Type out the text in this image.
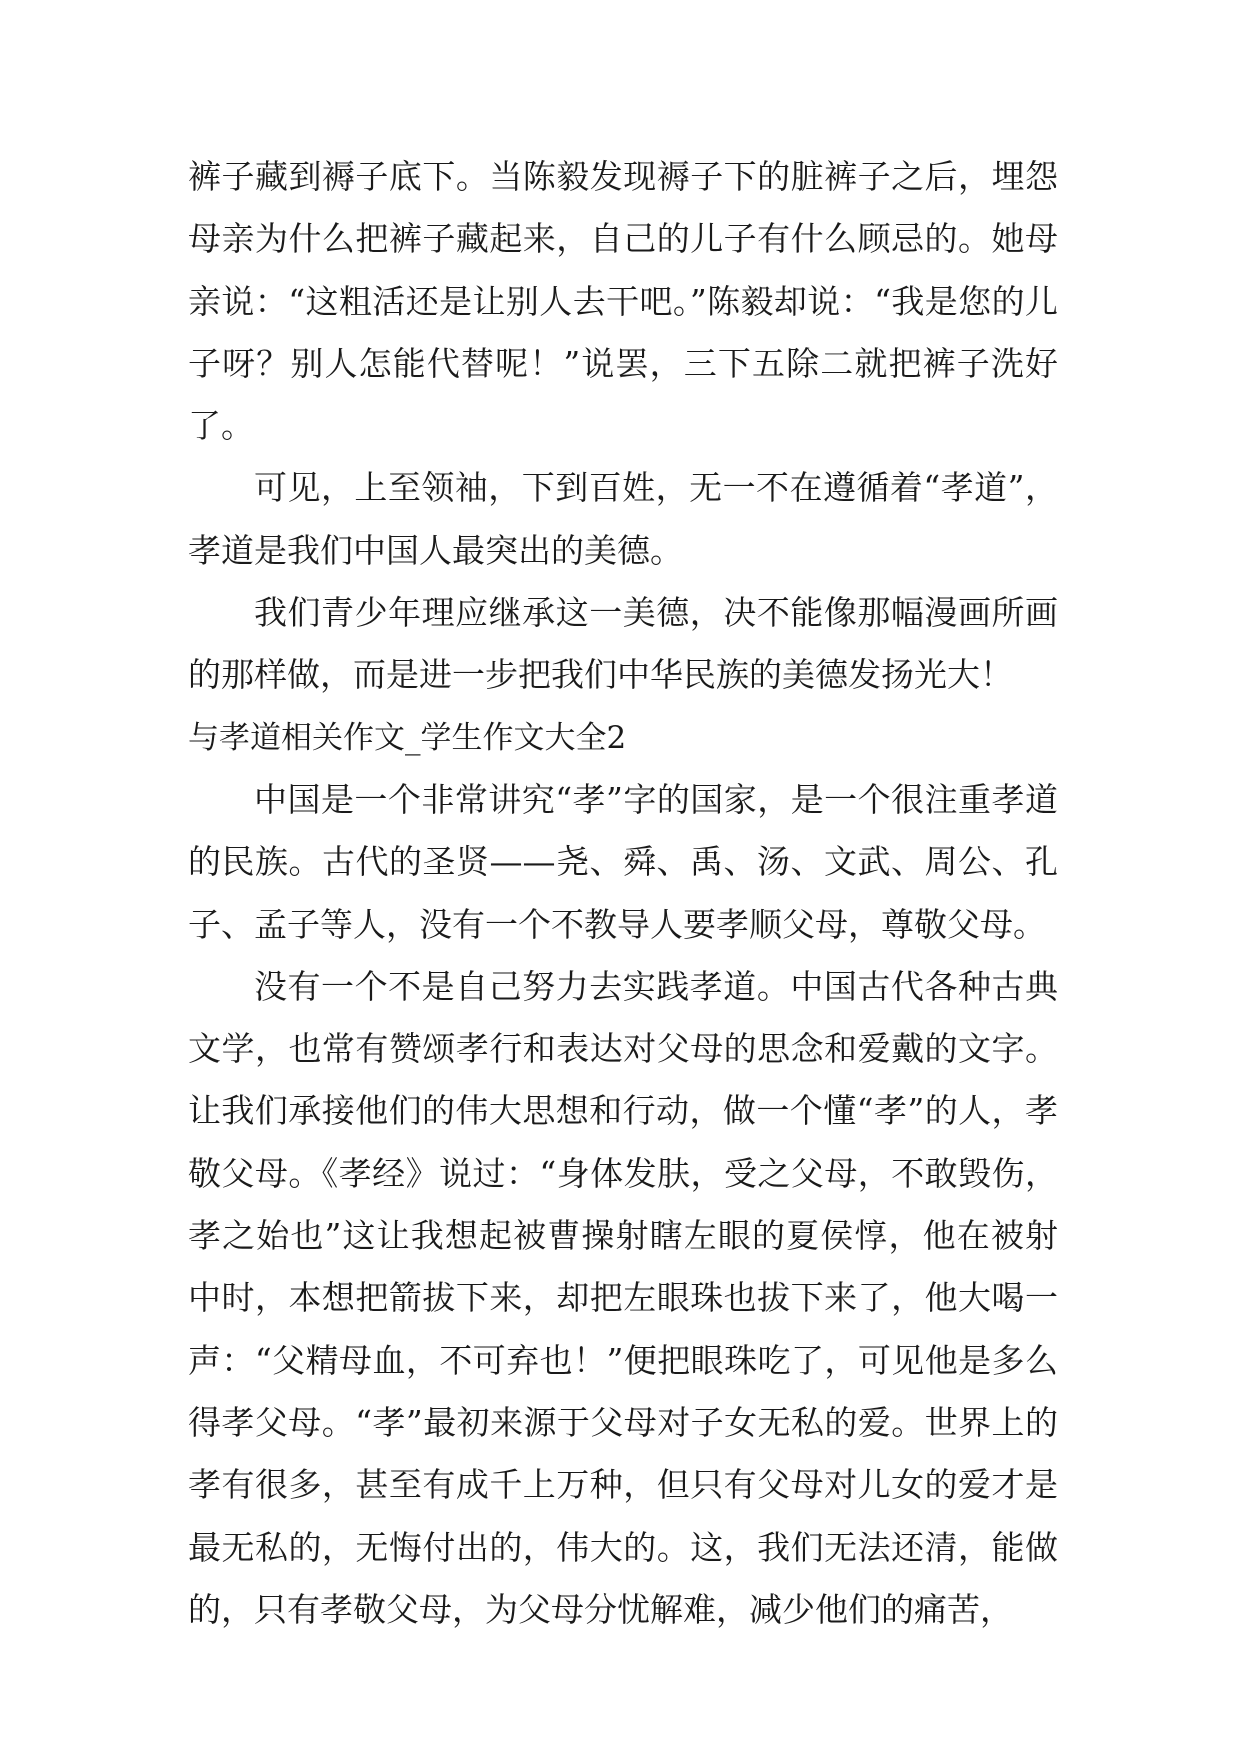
裤子藏到褥子底下。当陈毅发现褥子下的脏裤子之后，埋怨母亲为什么把裤子藏起来，自己的儿子有什么顾忌的。她母亲说：“这粗活还是让别人去干吧。”陈毅却说：“我是您的儿子呀？别人怎能代替呢！”说罢，三下五除二就把裤子洗好了。

可见，上至领袖，下到百姓，无一不在遵循着“孝道”，孝道是我们中国人最突出的美德。

我们青少年理应继承这一美德，决不能像那幅漫画所画的那样做，而是进一步把我们中华民族的美德发扬光大！

与孝道相关作文_学生作文大全2

中国是一个非常讲究“孝”字的国家，是一个很注重孝道的民族。古代的圣贤——尧、舜、禹、汤、文武、周公、孔子、孟子等人，没有一个不教导人要孝顺父母，尊敬父母。

没有一个不是自己努力去实践孝道。中国古代各种古典文学，也常有赞颂孝行和表达对父母的思念和爱戴的文字。让我们承接他们的伟大思想和行动，做一个懂“孝”的人，孝敬父母。《孝经》说过：“身体发肤，受之父母，不敢毁伤，孝之始也”这让我想起被曹操射瞎左眼的夏侯惇，他在被射中时，本想把箭拔下来，却把左眼珠也拔下来了，他大喝一声：“父精母血，不可弃也！”便把眼珠吃了，可见他是多么得孝父母。“孝”最初来源于父母对子女无私的爱。世界上的孝有很多，甚至有成千上万种，但只有父母对儿女的爱才是最无私的，无悔付出的，伟大的。这，我们无法还清，能做的，只有孝敬父母，为父母分忧解难，减少他们的痛苦，
